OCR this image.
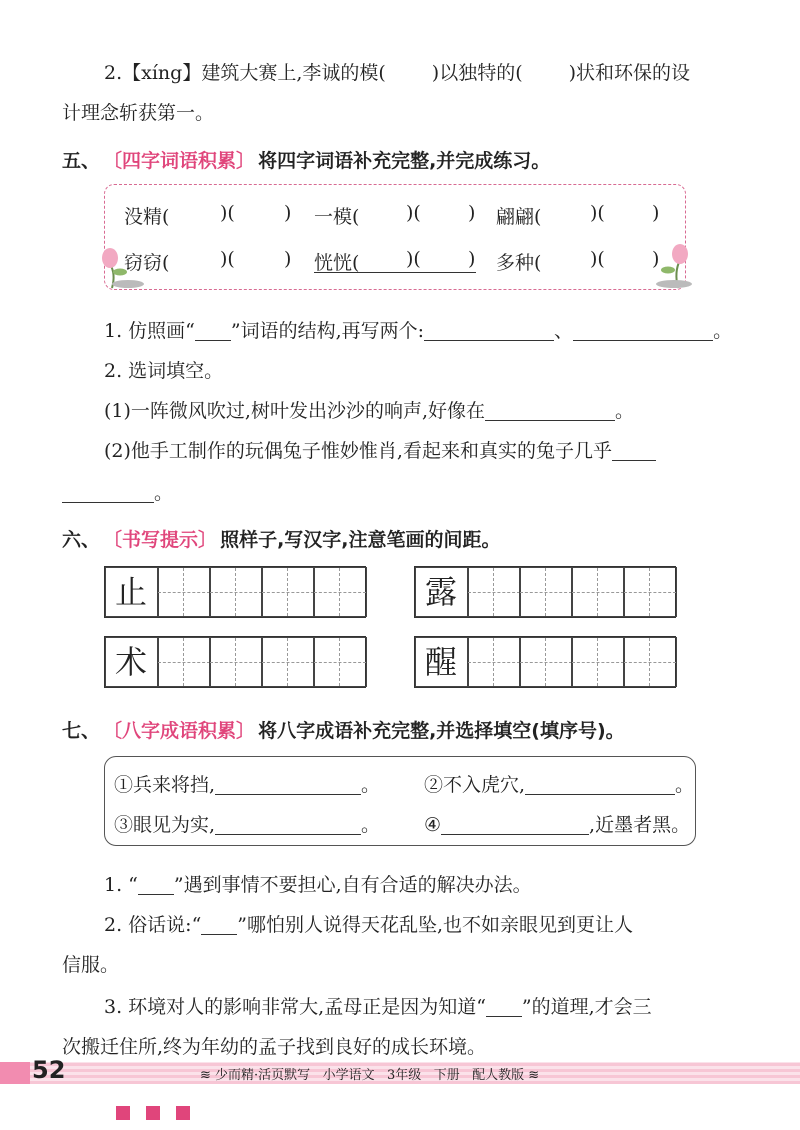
2.【xíng】建筑大赛上,李诚的模( )以独特的( )状和环保的设
计理念斩获第一。
五、 〔 四字词语积累 〕 将四字词语补充完整,并完成练习。
没精(	)(	) 一模( )( ) 翩翩(	)( )
窃窃(	)(	) 恍恍(	)( ) 多种(	)( )
1. 仿照画“ ”词语的结构,再写两个:	、	。
2. 选词填空。
(1)一阵微风吹过,树叶发出沙沙的响声,好像在	。
(2)他手工制作的玩偶兔子惟妙惟肖,看起来和真实的兔子几乎
。
六、 〔 书写提示 〕 照样子,写汉字,注意笔画的间距。
止	露
术	醒
七、 〔 八字成语积累 〕 将八字成语补充完整,并选择填空(填序号)。
①兵来将挡,	。 ②不入虎穴,	。
③眼见为实,	。 ④	,近墨者黑。
1. “ ”遇到事情不要担心,自有合适的解决办法。
2. 俗话说:“ ”哪怕别人说得天花乱坠,也不如亲眼见到更让人
信服。
3. 环境对人的影响非常大,孟母正是因为知道“ ”的道理,才会三
次搬迁住所,终为年幼的孟子找到良好的成长环境。
52	≋ 少而精·活页默写 小学语文 3年级 下册 配人教版 ≋
